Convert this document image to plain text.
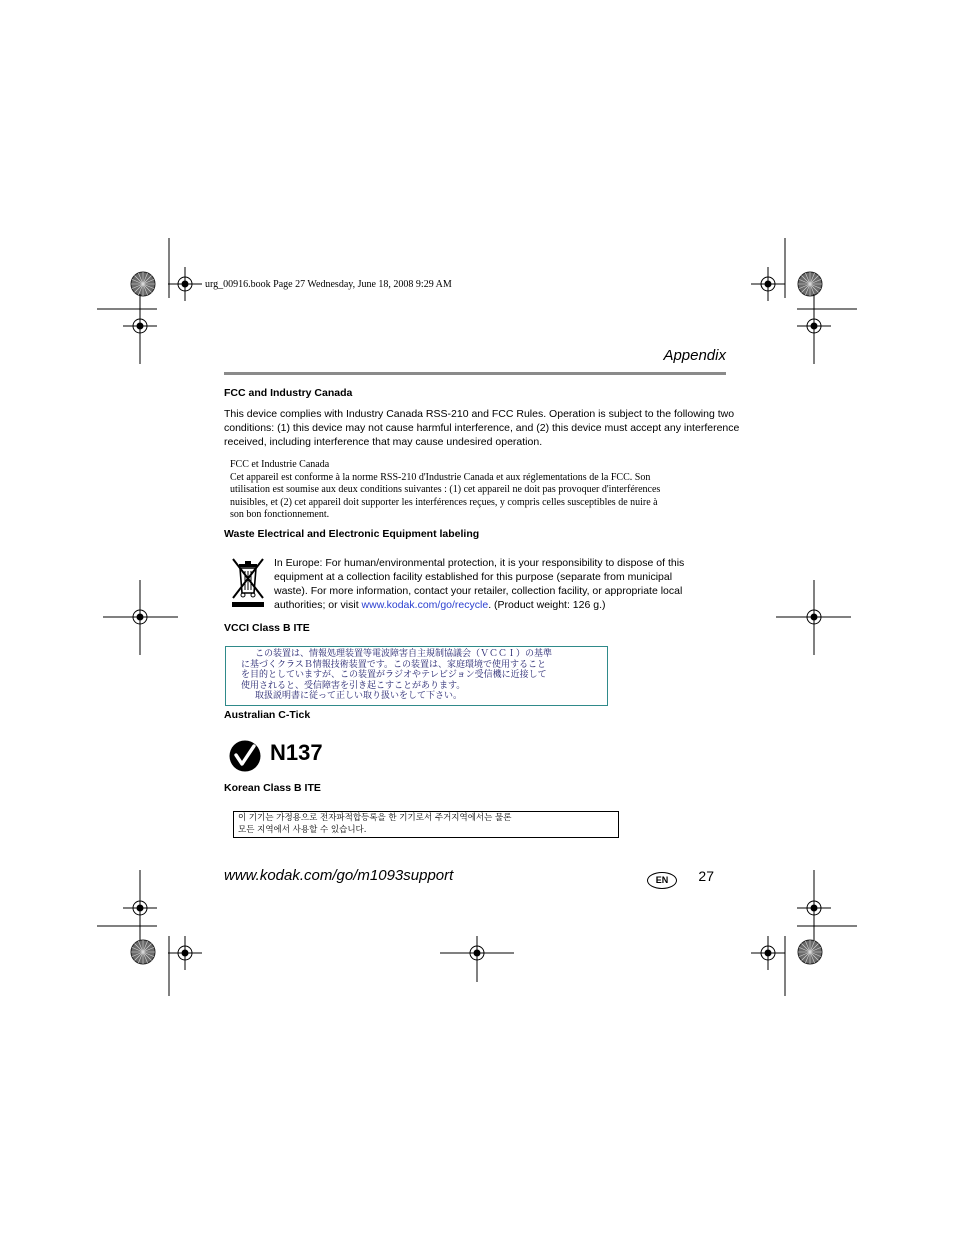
urg_00916.book Page 27 Wednesday, June 18, 2008 9:29 AM
Appendix
FCC and Industry Canada
This device complies with Industry Canada RSS-210 and FCC Rules. Operation is subject to the following two
conditions: (1) this device may not cause harmful interference, and (2) this device must accept any interference
received, including interference that may cause undesired operation.
FCC et Industrie Canada
Cet appareil est conforme à la norme RSS-210 d'Industrie Canada et aux réglementations de la FCC. Son
utilisation est soumise aux deux conditions suivantes : (1) cet appareil ne doit pas provoquer d'interférences
nuisibles, et (2) cet appareil doit supporter les interférences reçues, y compris celles susceptibles de nuire à
son bon fonctionnement.
Waste Electrical and Electronic Equipment labeling
In Europe: For human/environmental protection, it is your responsibility to dispose of this
equipment at a collection facility established for this purpose (separate from municipal
waste). For more information, contact your retailer, collection facility, or appropriate local
authorities; or visit www.kodak.com/go/recycle. (Product weight: 126 g.)
VCCI Class B ITE
この装置は、情報処理装置等電波障害自主規制協議会（ＶＣＣＩ）の基準
に基づくクラスＢ情報技術装置です。この装置は、家庭環境で使用すること
を目的としていますが、この装置がラジオやテレビジョン受信機に近接して
使用されると、受信障害を引き起こすことがあります。
取扱説明書に従って正しい取り扱いをして下さい。
Australian C-Tick
N137
Korean Class B ITE
이 기기는 가정용으로 전자파적합등록을 한 기기로서 주거지역에서는 물론
모든 지역에서 사용할 수 있습니다.
www.kodak.com/go/m1093support	EN	27
